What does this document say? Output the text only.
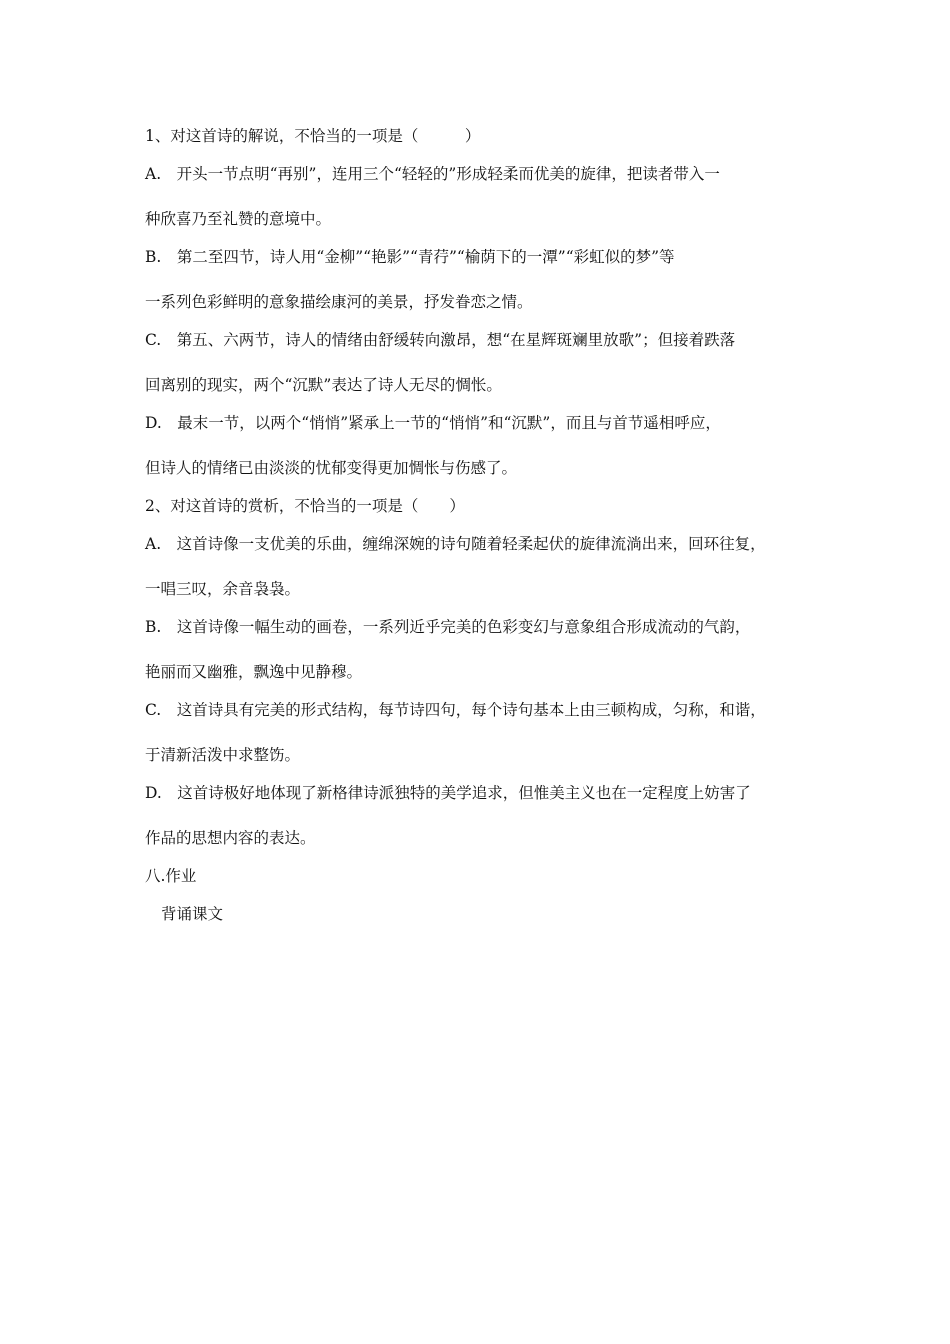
1、对这首诗的解说，不恰当的一项是（　　　）
A.　开头一节点明“再别”，连用三个“轻轻的”形成轻柔而优美的旋律，把读者带入一
种欣喜乃至礼赞的意境中。
B.　第二至四节，诗人用“金柳”“艳影”“青荇”“榆荫下的一潭”“彩虹似的梦”等
一系列色彩鲜明的意象描绘康河的美景，抒发眷恋之情。
C.　第五、六两节，诗人的情绪由舒缓转向激昂，想“在星辉斑斓里放歌”；但接着跌落
回离别的现实，两个“沉默”表达了诗人无尽的惆怅。
D.　最末一节，以两个“悄悄”紧承上一节的“悄悄”和“沉默”，而且与首节遥相呼应，
但诗人的情绪已由淡淡的忧郁变得更加惆怅与伤感了。
2、对这首诗的赏析，不恰当的一项是（　　）
A.　这首诗像一支优美的乐曲，缠绵深婉的诗句随着轻柔起伏的旋律流淌出来，回环往复，
一唱三叹，余音袅袅。
B.　这首诗像一幅生动的画卷，一系列近乎完美的色彩变幻与意象组合形成流动的气韵，
艳丽而又幽雅，飘逸中见静穆。
C.　这首诗具有完美的形式结构，每节诗四句，每个诗句基本上由三顿构成，匀称，和谐，
于清新活泼中求整饬。
D.　这首诗极好地体现了新格律诗派独特的美学追求，但惟美主义也在一定程度上妨害了
作品的思想内容的表达。
八.作业
背诵课文
